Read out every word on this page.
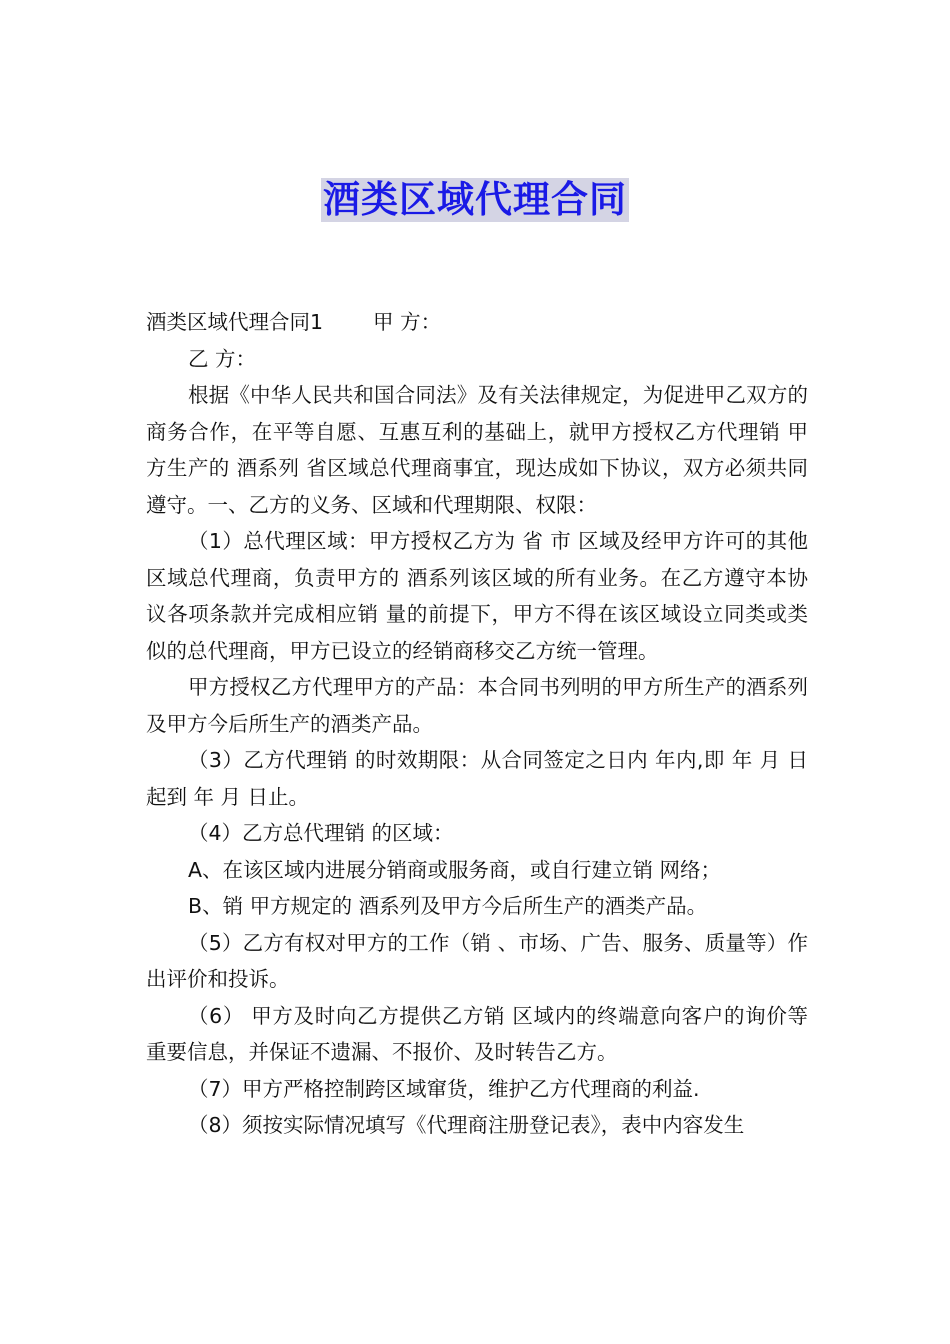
酒类区域代理合同

酒类区域代理合同1 甲 方：

乙 方：

根据《中华人民共和国合同法》及有关法律规定，为促进甲乙双方的商务合作，在平等自愿、互惠互利的基础上，就甲方授权乙方代理销 甲方生产的 酒系列 省区域总代理商事宜，现达成如下协议，双方必须共同遵守。一、乙方的义务、区域和代理期限、权限：

（1）总代理区域：甲方授权乙方为 省 市 区域及经甲方许可的其他区域总代理商，负责甲方的 酒系列该区域的所有业务。在乙方遵守本协议各项条款并完成相应销 量的前提下，甲方不得在该区域设立同类或类似的总代理商，甲方已设立的经销商移交乙方统一管理。

甲方授权乙方代理甲方的产品：本合同书列明的甲方所生产的酒系列及甲方今后所生产的酒类产品。

（3）乙方代理销 的时效期限：从合同签定之日内 年内,即 年 月 日起到 年 月 日止。

（4）乙方总代理销 的区域：

A、在该区域内进展分销商或服务商，或自行建立销 网络；

B、销 甲方规定的 酒系列及甲方今后所生产的酒类产品。

（5）乙方有权对甲方的工作（销 、市场、广告、服务、质量等）作出评价和投诉。

（6） 甲方及时向乙方提供乙方销 区域内的终端意向客户的询价等重要信息，并保证不遗漏、不报价、及时转告乙方。

（7）甲方严格控制跨区域窜货，维护乙方代理商的利益.

（8）须按实际情况填写《代理商注册登记表》，表中内容发生
